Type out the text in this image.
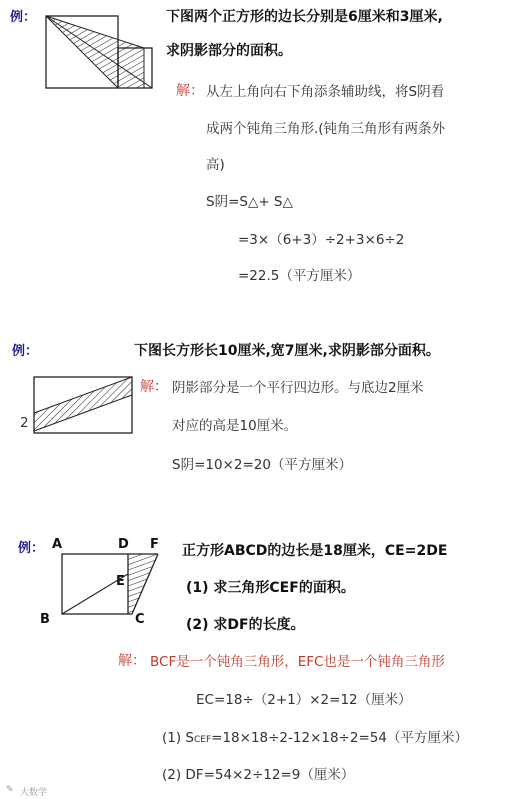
例：	下图两个正方形的边长分别是6厘米和3厘米,
求阴影部分的面积。
解： 从左上角向右下角添条辅助线，将S阴看
成两个钝角三角形.(钝角三角形有两条外
高)
S阴=S△+ S△
=3×（6+3）÷2+3×6÷2
=22.5（平方厘米）
例：	下图长方形长10厘米,宽7厘米,求阴影部分面积。
2
解： 阴影部分是一个平行四边形。与底边2厘米
对应的高是10厘米。
S阴=10×2=20（平方厘米）
例： A	D F
E
B	C
正方形ABCD的边长是18厘米，CE=2DE
(1) 求三角形CEF的面积。
(2) 求DF的长度。
解： BCF是一个钝角三角形，EFC也是一个钝角三角形
EC=18÷（2+1）×2=12（厘米）
(1) SCEF=18×18÷2-12×18÷2=54（平方厘米）
(2) DF=54×2÷12=9（厘米）
✎ 大数学
